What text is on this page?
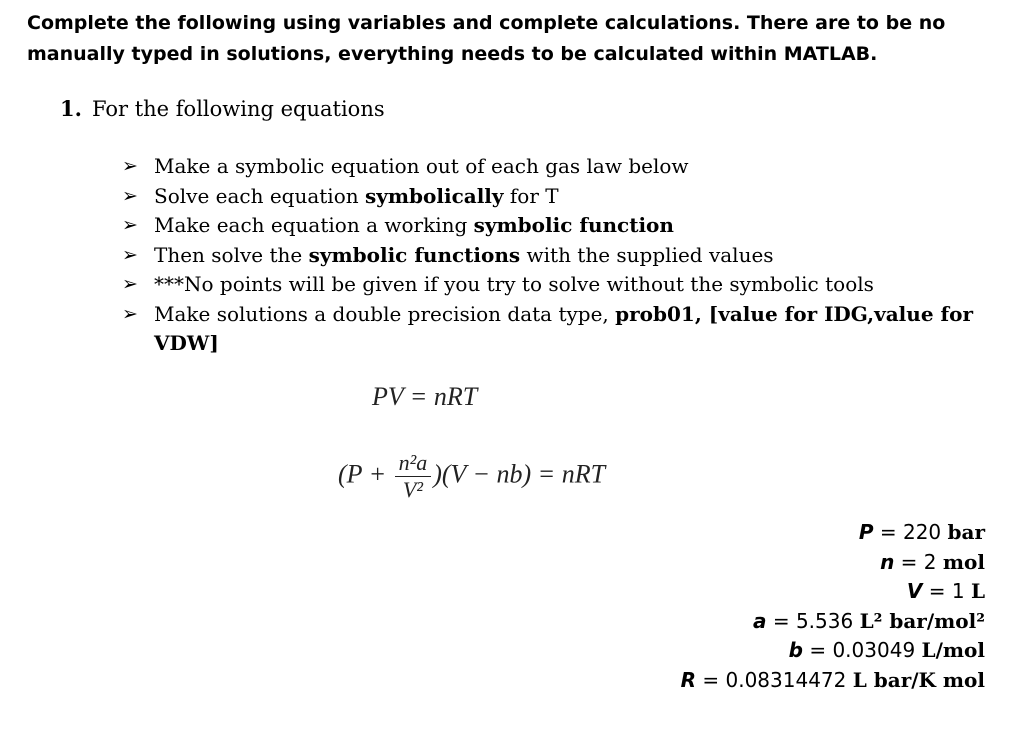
Complete the following using variables and complete calculations. There are to be no manually typed in solutions, everything needs to be calculated within MATLAB.
1. For the following equations
➢ Make a symbolic equation out of each gas law below
➢ Solve each equation symbolically for T
➢ Make each equation a working symbolic function
➢ Then solve the symbolic functions with the supplied values
➢ ***No points will be given if you try to solve without the symbolic tools
➢ Make solutions a double precision data type, prob01, [value for IDG,value for VDW]
PV = nRT
$(P + \frac{\text{n²a}}{\text{V²}} )(V - nb)$ = nRT
P = 220 bar
n = 2 mol
V = 1 L
a = 5.536 L² bar/mol²
b = 0.03049 L/mol
R = 0.08314472 L bar/K mol
